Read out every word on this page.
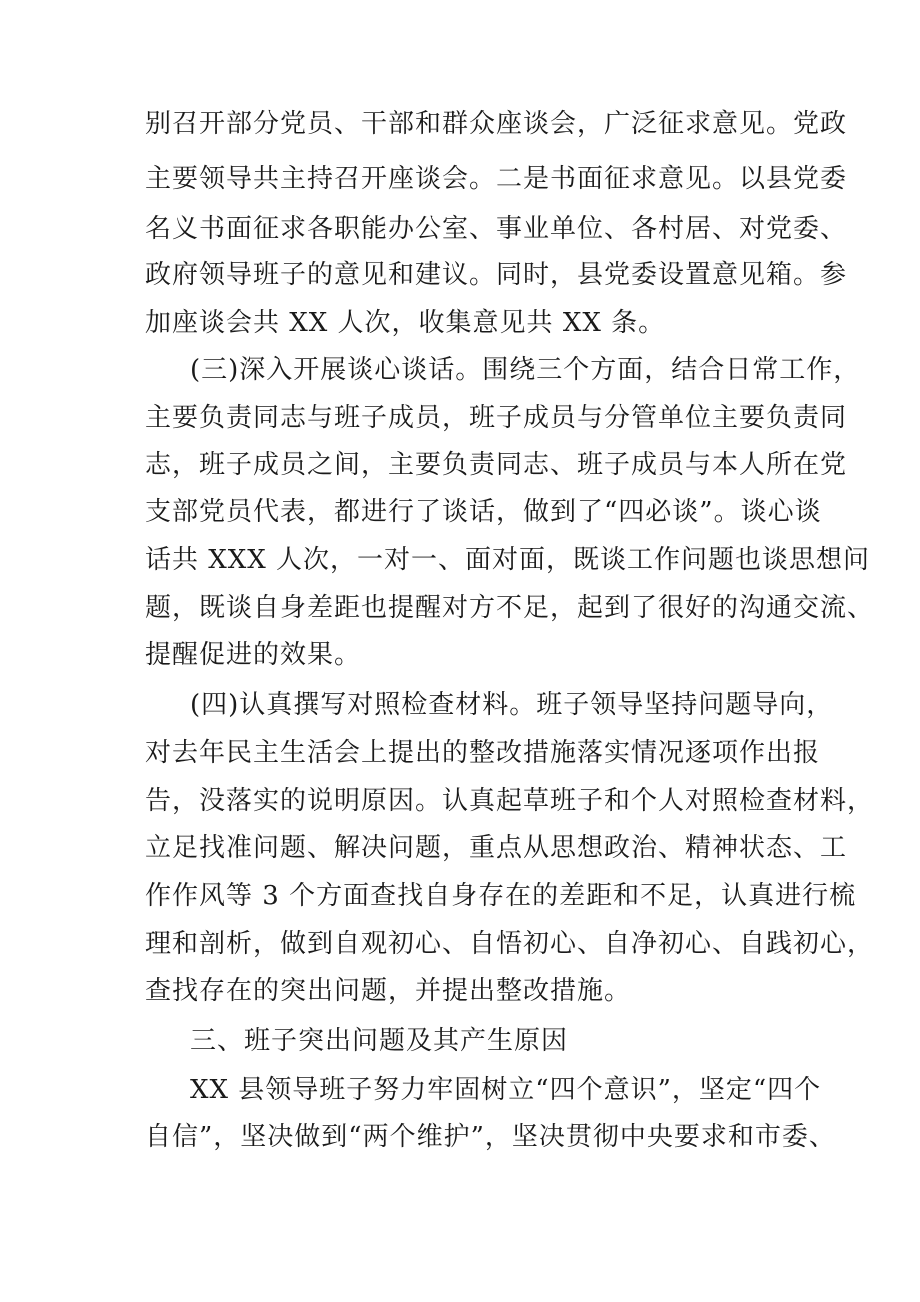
别召开部分党员、干部和群众座谈会，广泛征求意见。党政
主要领导共主持召开座谈会。二是书面征求意见。以县党委
名义书面征求各职能办公室、事业单位、各村居、对党委、
政府领导班子的意见和建议。同时，县党委设置意见箱。参
加座谈会共 XX 人次，收集意见共 XX 条。
(三)深入开展谈心谈话。围绕三个方面，结合日常工作，
主要负责同志与班子成员，班子成员与分管单位主要负责同
志，班子成员之间，主要负责同志、班子成员与本人所在党
支部党员代表，都进行了谈话，做到了“四必谈”。谈心谈
话共 XXX 人次，一对一、面对面，既谈工作问题也谈思想问
题，既谈自身差距也提醒对方不足，起到了很好的沟通交流、
提醒促进的效果。
(四)认真撰写对照检查材料。班子领导坚持问题导向，
对去年民主生活会上提出的整改措施落实情况逐项作出报
告，没落实的说明原因。认真起草班子和个人对照检查材料，
立足找准问题、解决问题，重点从思想政治、精神状态、工
作作风等 3 个方面查找自身存在的差距和不足，认真进行梳
理和剖析，做到自观初心、自悟初心、自净初心、自践初心，
查找存在的突出问题，并提出整改措施。
三、班子突出问题及其产生原因
XX 县领导班子努力牢固树立“四个意识”，坚定“四个
自信”，坚决做到“两个维护”，坚决贯彻中央要求和市委、
